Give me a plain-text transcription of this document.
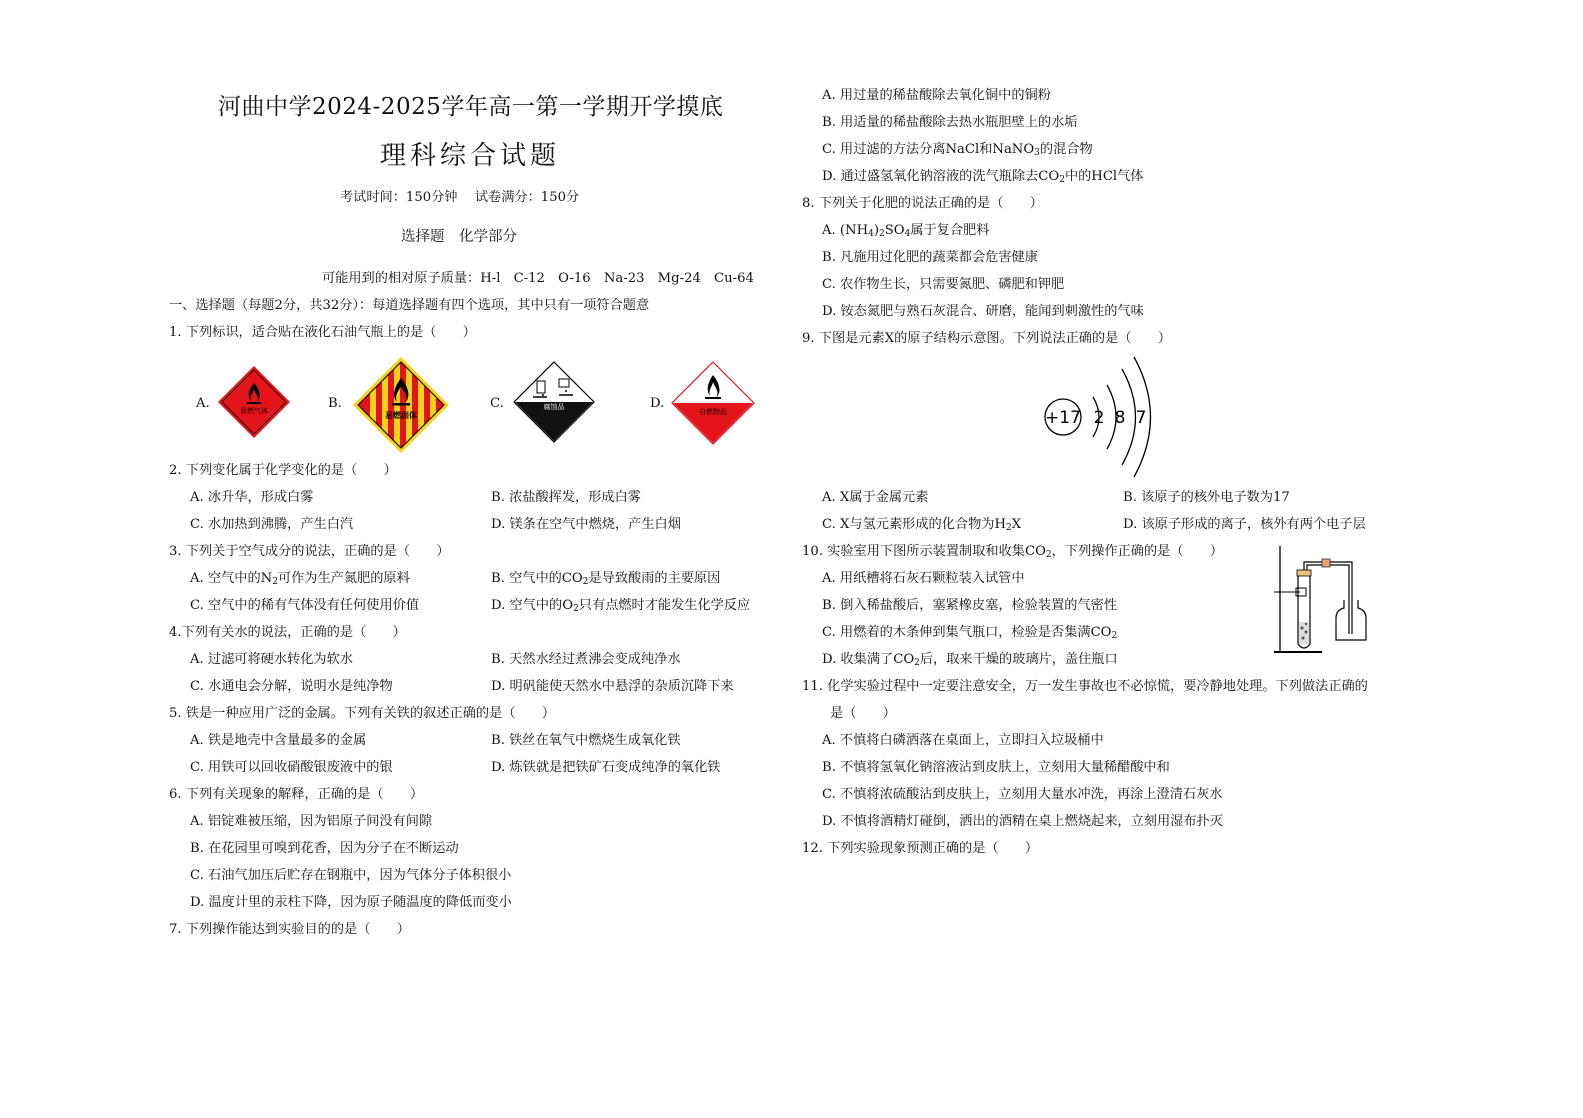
河曲中学2024-2025学年高一第一学期开学摸底
理科综合试题
考试时间：150分钟　 试卷满分：150分
选择题　化学部分
可能用到的相对原子质量：H-l　C-12　O-16　Na-23　Mg-24　Cu-64
一、选择题（每题2分，共32分）：每道选择题有四个选项，其中只有一项符合题意
1. 下列标识，适合贴在液化石油气瓶上的是（　　）
A.	易燃气体	B.
易燃固体
C.	腐蚀品	D.
自燃物品
2. 下列变化属于化学变化的是（　　）
A. 冰升华，形成白雾	B. 浓盐酸挥发，形成白雾
C. 水加热到沸腾，产生白汽	D. 镁条在空气中燃烧，产生白烟
3. 下列关于空气成分的说法，正确的是（　　）
A. 空气中的$N_2$可作为生产氮肥的原料	B. 空气中的$CO_2$是导致酸雨的主要原因
C. 空气中的稀有气体没有任何使用价值	D. 空气中的$O_2$只有点燃时才能发生化学反应
4.下列有关水的说法，正确的是（　　）
A. 过滤可将硬水转化为软水	B. 天然水经过煮沸会变成纯净水
C. 水通电会分解，说明水是纯净物	D. 明矾能使天然水中悬浮的杂质沉降下来
5. 铁是一种应用广泛的金属。下列有关铁的叙述正确的是（　　）
A. 铁是地壳中含量最多的金属	B. 铁丝在氧气中燃烧生成氧化铁
C. 用铁可以回收硝酸银废液中的银	D. 炼铁就是把铁矿石变成纯净的氧化铁
6. 下列有关现象的解释，正确的是（　　）
A. 铝锭难被压缩，因为铝原子间没有间隙
B. 在花园里可嗅到花香，因为分子在不断运动
C. 石油气加压后贮存在钢瓶中，因为气体分子体积很小
D. 温度计里的汞柱下降，因为原子随温度的降低而变小
7. 下列操作能达到实验目的的是（　　）
A. 用过量的稀盐酸除去氧化铜中的铜粉
B. 用适量的稀盐酸除去热水瓶胆壁上的水垢
C. 用过滤的方法分离NaCl和NaNO$_3$的混合物
D. 通过盛氢氧化钠溶液的洗气瓶除去$CO_2$中的HCl气体
8. 下列关于化肥的说法正确的是（　　）
A. $(NH_4)_2SO_4$属于复合肥料
B. 凡施用过化肥的蔬菜都会危害健康
C. 农作物生长，只需要氮肥、磷肥和钾肥
D. 铵态氮肥与熟石灰混合、研磨，能闻到刺激性的气味
9. 下图是元素X的原子结构示意图。下列说法正确的是（　　）
+17 2 8 7
A. X属于金属元素	B. 该原子的核外电子数为17
C. X与氢元素形成的化合物为$H_2X$	D. 该原子形成的离子，核外有两个电子层
10. 实验室用下图所示装置制取和收集$CO_2$，下列操作正确的是（　　）
A. 用纸槽将石灰石颗粒装入试管中
B. 倒入稀盐酸后，塞紧橡皮塞，检验装置的气密性
C. 用燃着的木条伸到集气瓶口，检验是否集满$CO_2$
D. 收集满了$CO_2$后，取来干燥的玻璃片，盖住瓶口
11. 化学实验过程中一定要注意安全，万一发生事故也不必惊慌，要冷静地处理。下列做法正确的
是（　　）
A. 不慎将白磷洒落在桌面上，立即扫入垃圾桶中
B. 不慎将氢氧化钠溶液沾到皮肤上，立刻用大量稀醋酸中和
C. 不慎将浓硫酸沾到皮肤上，立刻用大量水冲洗，再涂上澄清石灰水
D. 不慎将酒精灯碰倒，洒出的酒精在桌上燃烧起来，立刻用湿布扑灭
12. 下列实验现象预测正确的是（　　）
